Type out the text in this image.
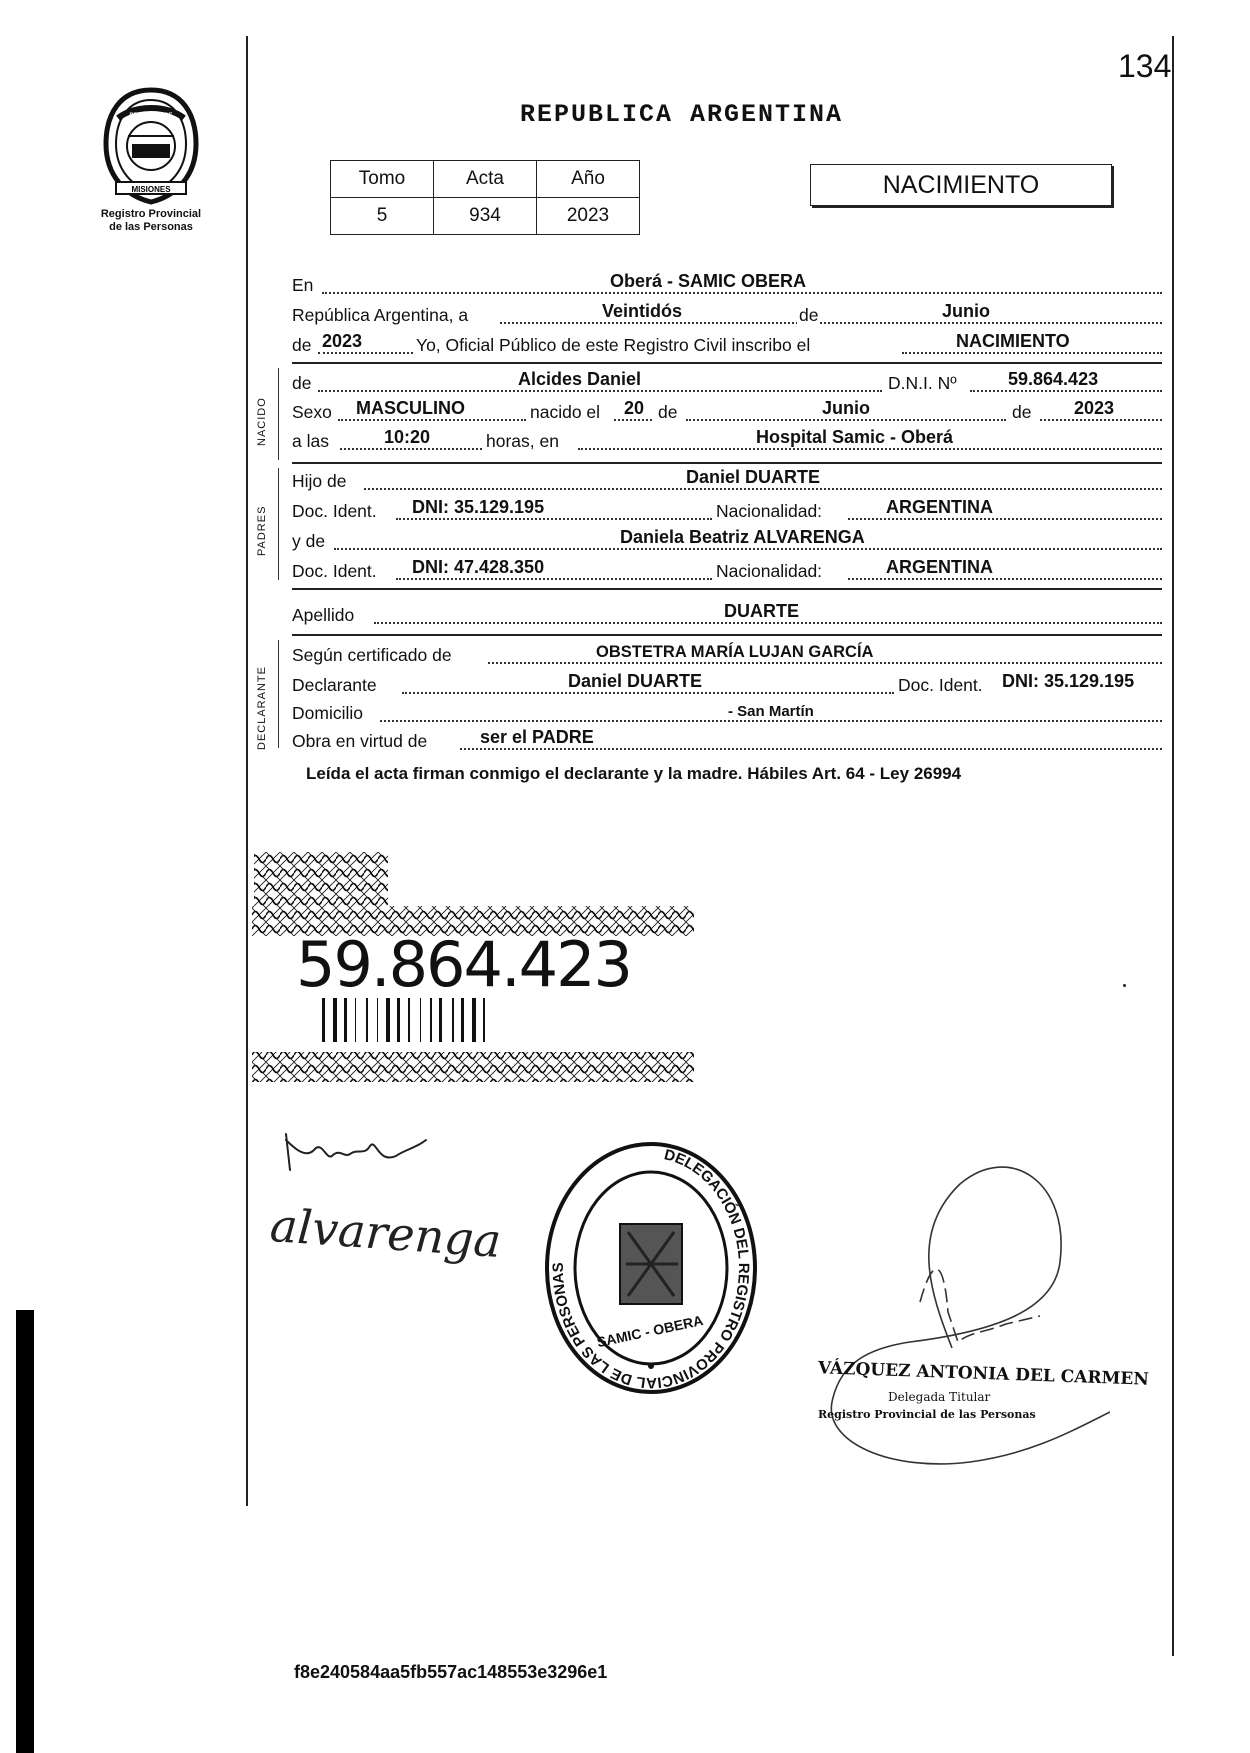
134
MISIONES
PROVINCIA DE
Registro Provincial
de las Personas
REPUBLICA ARGENTINA
Tomo	Acta	Año
5	934	2023
NACIMIENTO
En	Oberá - SAMIC OBERA
República Argentina, a	Veintidós	de	Junio
de 2023	Yo, Oficial Público de este Registro Civil inscribo el	NACIMIENTO
NACIDO
de	Alcides Daniel	D.N.I. Nº	59.864.423
Sexo MASCULINO	nacido el 20 de	Junio	de 2023
a las	10:20	horas, en	Hospital Samic - Oberá
PADRES
Hijo de	Daniel DUARTE
Doc. Ident. DNI: 35.129.195	Nacionalidad:	ARGENTINA
y de	Daniela Beatriz ALVARENGA
Doc. Ident. DNI: 47.428.350	Nacionalidad:	ARGENTINA
Apellido	DUARTE
DECLARANTE
Según certificado de	OBSTETRA MARÍA LUJAN GARCÍA
Declarante	Daniel DUARTE	Doc. Ident. DNI: 35.129.195
Domicilio	- San Martín
Obra en virtud de	ser el PADRE
Leída el acta firman conmigo el declarante y la madre. Hábiles Art. 64 - Ley 26994
59.864.423
alvarenga
DELEGACIÓN DEL REGISTRO PROVINCIAL DE LAS PERSONAS
SAMIC - OBERA
VÁZQUEZ ANTONIA DEL CARMEN
Delegada Titular
Registro Provincial de las Personas
f8e240584aa5fb557ac148553e3296e1
